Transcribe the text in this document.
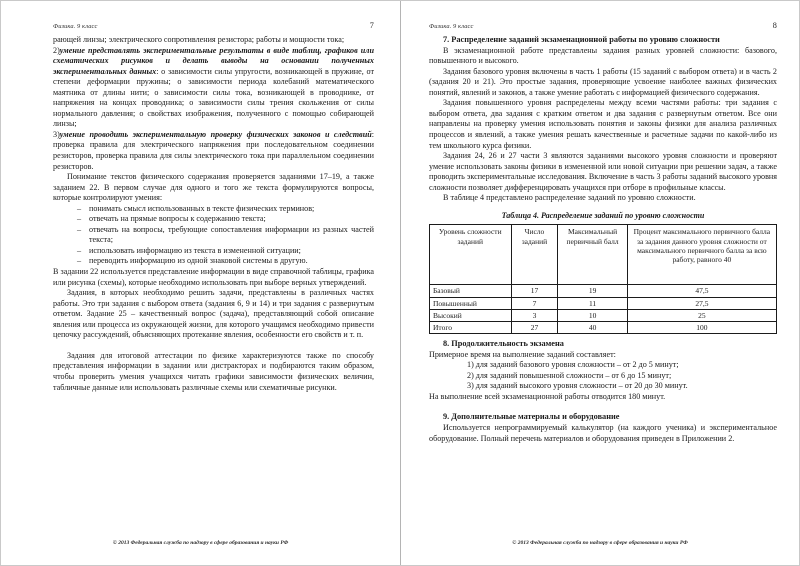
Физика. 9 класс	7

рающей линзы; электрического сопротивления резистора; работы и мощности тока;

2)умение представлять экспериментальные результаты в виде таблиц, графиков или схематических рисунков и делать выводы на основании полученных экспериментальных данных: о зависимости силы упругости, возникающей в пружине, от степени деформации пружины; о зависимости периода колебаний математического маятника от длины нити; о зависимости силы тока, возникающей в проводнике, от напряжения на концах проводника; о зависимости силы трения скольжения от силы нормального давления; о свойствах изображения, полученного с помощью собирающей линзы;

3)умение проводить экспериментальную проверку физических законов и следствий: проверка правила для электрического напряжения при последовательном соединении резисторов, проверка правила для силы электрического тока при параллельном соединении резисторов.

Понимание текстов физического содержания проверяется заданиями 17–19, а также заданием 22. В первом случае для одного и того же текста формулируются вопросы, которые контролируют умения:

– понимать смысл использованных в тексте физических терминов;
– отвечать на прямые вопросы к содержанию текста;
– отвечать на вопросы, требующие сопоставления информации из разных частей текста;
– использовать информацию из текста в измененной ситуации;
– переводить информацию из одной знаковой системы в другую.

В задании 22 используется представление информации в виде справочной таблицы, графика или рисунка (схемы), которые необходимо использовать при выборе верных утверждений.

Задания, в которых необходимо решить задачи, представлены в различных частях работы. Это три задания с выбором ответа (задания 6, 9 и 14) и три задания с развернутым ответом. Задание 25 – качественный вопрос (задача), представляющий собой описание явления или процесса из окружающей жизни, для которого учащимся необходимо привести цепочку рассуждений, объясняющих протекание явления, особенности его свойств и т. п.

Задания для итоговой аттестации по физике характеризуются также по способу представления информации в задании или дистракторах и подбираются таким образом, чтобы проверить умения учащихся читать графики зависимости физических величин, табличные данные или использовать различные схемы или схематичные рисунки.

© 2013 Федеральная служба по надзору в сфере образования и науки РФ
Физика. 9 класс	8
7. Распределение заданий экзаменационной работы по уровню сложности

В экзаменационной работе представлены задания разных уровней сложности: базового, повышенного и высокого.

Задания базового уровня включены в часть 1 работы (15 заданий с выбором ответа) и в часть 2 (задания 20 и 21). Это простые задания, проверяющие усвоение наиболее важных физических понятий, явлений и законов, а также умение работать с информацией физического содержания.

Задания повышенного уровня распределены между всеми частями работы: три задания с выбором ответа, два задания с кратким ответом и два задания с развернутым ответом. Все они направлены на проверку умения использовать понятия и законы физики для анализа различных процессов и явлений, а также умения решать качественные и расчетные задачи по какой-либо из тем школьного курса физики.

Задания 24, 26 и 27 части 3 являются заданиями высокого уровня сложности и проверяют умение использовать законы физики в измененной или новой ситуации при решении задач, а также проводить экспериментальные исследования. Включение в часть 3 работы заданий высокого уровня сложности позволяет дифференцировать учащихся при отборе в профильные классы.

В таблице 4 представлено распределение заданий по уровню сложности.

Таблица 4. Распределение заданий по уровню сложности
Уровень сложности заданий	Число заданий	Максимальный первичный балл	Процент максимального первичного балла за задания данного уровня сложности от максимального первичного балла за всю работу, равного 40
Базовый	17	19	47,5
Повышенный	7	11	27,5
Высокий	3	10	25
Итого	27	40	100
8. Продолжительность экзамена

Примерное время на выполнение заданий составляет:

1) для заданий базового уровня сложности – от 2 до 5 минут;
2) для заданий повышенной сложности – от 6 до 15 минут;
3) для заданий высокого уровня сложности – от 20 до 30 минут.

На выполнение всей экзаменационной работы отводится 180 минут.

9. Дополнительные материалы и оборудование

Используется непрограммируемый калькулятор (на каждого ученика) и экспериментальное оборудование. Полный перечень материалов и оборудования приведен в Приложении 2.

© 2013 Федеральная служба по надзору в сфере образования и науки РФ
